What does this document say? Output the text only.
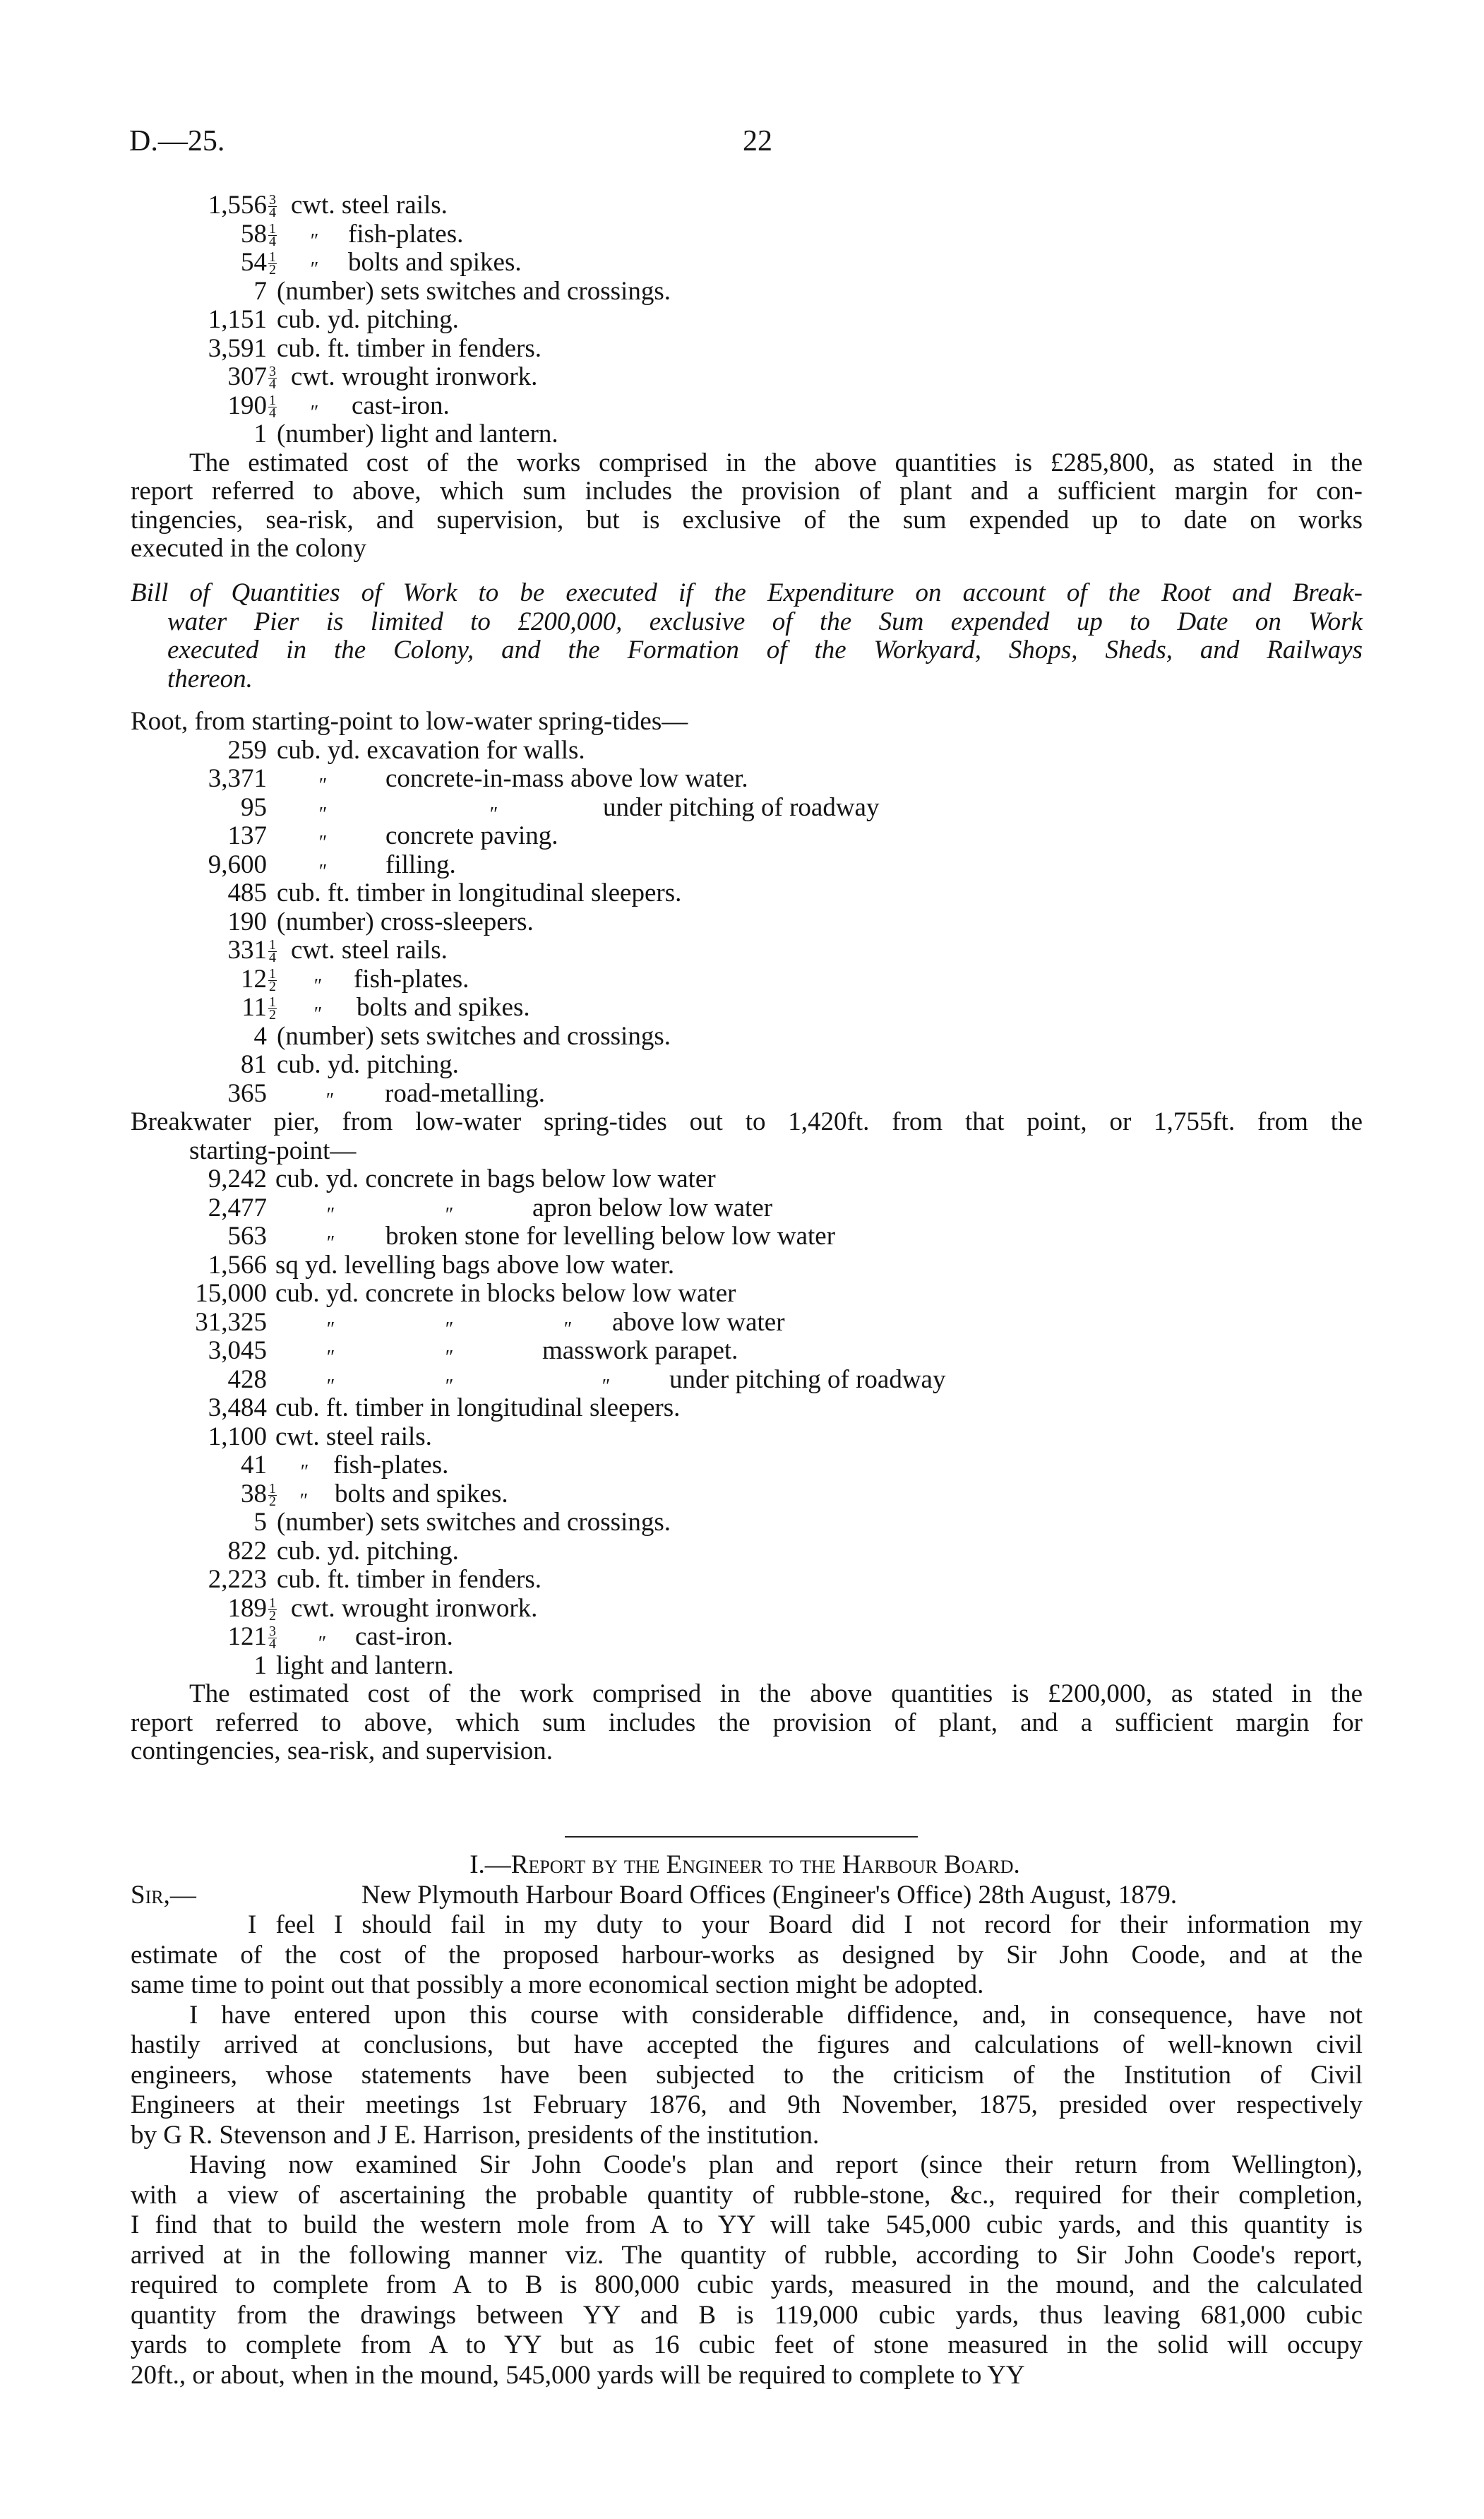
D.—25.	22
$1,556 \frac{3}{4}$ cwt. steel rails.
$58 \frac{1}{4}$ ″ fish-plates.
$54 \frac{1}{2}$ ″ bolts and spikes.
7 (number) sets switches and crossings.
1,151 cub. yd. pitching.
3,591 cub. ft. timber in fenders.
$307 \frac{3}{4}$ cwt. wrought ironwork.
$190 \frac{1}{4}$ ″ cast-iron.
1 (number) light and lantern.
The estimated cost of the works comprised in the above quantities is £285,800, as stated in the
report referred to above, which sum includes the provision of plant and a sufficient margin for con-
tingencies, sea-risk, and supervision, but is exclusive of the sum expended up to date on works
executed in the colony
Bill of Quantities of Work to be executed if the Expenditure on account of the Root and Break-
water Pier is limited to £200,000, exclusive of the Sum expended up to Date on Work
executed in the Colony, and the Formation of the Workyard, Shops, Sheds, and Railways
thereon.
Root, from starting-point to low-water spring-tides—
259 cub. yd. excavation for walls.
3,371	″ concrete-in-mass above low water.
95	″	″	under pitching of roadway
137	″ concrete paving.
9,600	″ filling.
485 cub. ft. timber in longitudinal sleepers.
190 (number) cross-sleepers.
$331 \frac{1}{4}$ cwt. steel rails.
$12 \frac{1}{2}$ ″ fish-plates.
$11 \frac{1}{2}$ ″ bolts and spikes.
4 (number) sets switches and crossings.
81 cub. yd. pitching.
365	″ road-metalling.
Breakwater pier, from low-water spring-tides out to 1,420ft. from that point, or 1,755ft. from the
starting-point—
9,242 cub. yd. concrete in bags below low water
2,477	″	″	apron below low water
563	″ broken stone for levelling below low water
1,566 sq yd. levelling bags above low water.
15,000 cub. yd. concrete in blocks below low water
31,325	″	″	″ above low water
3,045	″	″	masswork parapet.
428	″	″	″ under pitching of roadway
3,484 cub. ft. timber in longitudinal sleepers.
1,100 cwt. steel rails.
41 ″ fish-plates.
$38 \frac{1}{2}$ ″ bolts and spikes.
5 (number) sets switches and crossings.
822 cub. yd. pitching.
2,223 cub. ft. timber in fenders.
$189 \frac{1}{2}$ cwt. wrought ironwork.
$121 \frac{3}{4}$ ″ cast-iron.
1 light and lantern.
The estimated cost of the work comprised in the above quantities is £200,000, as stated in the
report referred to above, which sum includes the provision of plant, and a sufficient margin for
contingencies, sea-risk, and supervision.
I.—Report by the Engineer to the Harbour Board.
Sir,—	New Plymouth Harbour Board Offices (Engineer's Office) 28th August, 1879.
I feel I should fail in my duty to your Board did I not record for their information my
estimate of the cost of the proposed harbour-works as designed by Sir John Coode, and at the
same time to point out that possibly a more economical section might be adopted.
I have entered upon this course with considerable diffidence, and, in consequence, have not
hastily arrived at conclusions, but have accepted the figures and calculations of well-known civil
engineers, whose statements have been subjected to the criticism of the Institution of Civil
Engineers at their meetings 1st February 1876, and 9th November, 1875, presided over respectively
by G R. Stevenson and J E. Harrison, presidents of the institution.
Having now examined Sir John Coode's plan and report (since their return from Wellington),
with a view of ascertaining the probable quantity of rubble-stone, &c., required for their completion,
I find that to build the western mole from A to YY will take 545,000 cubic yards, and this quantity is
arrived at in the following manner viz. The quantity of rubble, according to Sir John Coode's report,
required to complete from A to B is 800,000 cubic yards, measured in the mound, and the calculated
quantity from the drawings between YY and B is 119,000 cubic yards, thus leaving 681,000 cubic
yards to complete from A to YY but as 16 cubic feet of stone measured in the solid will occupy
20ft., or about, when in the mound, 545,000 yards will be required to complete to YY
